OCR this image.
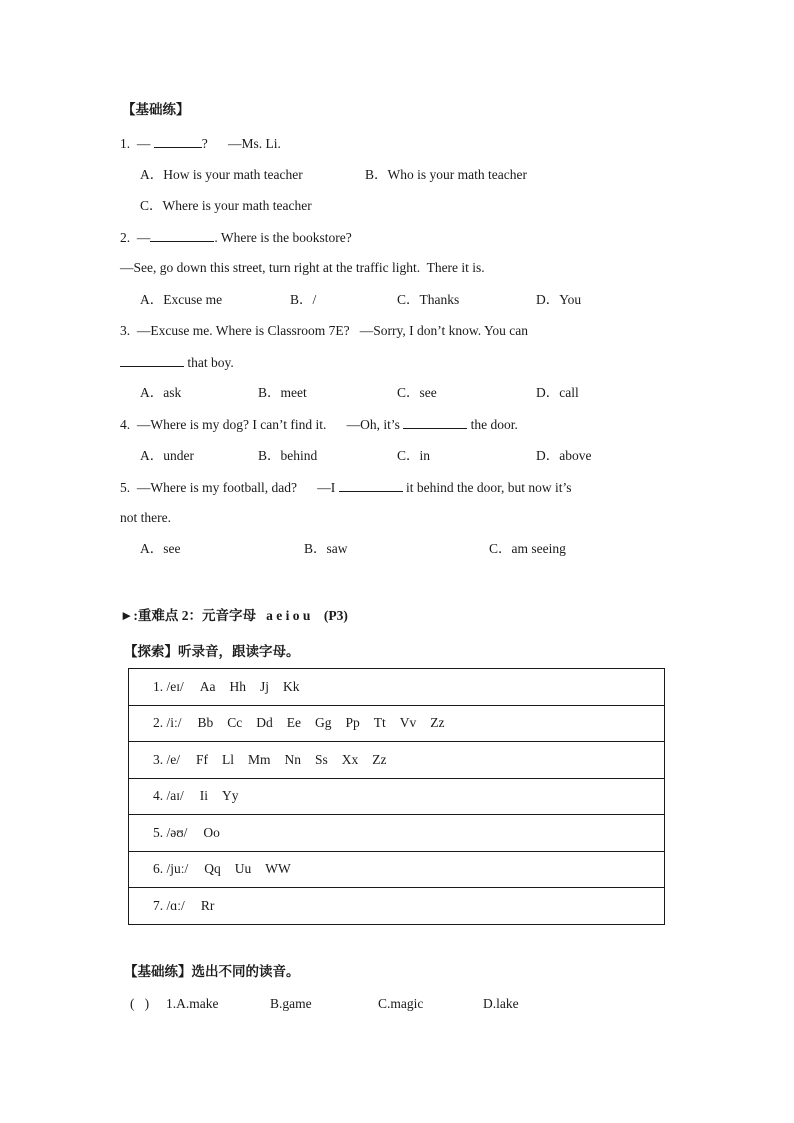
【基础练】
1. —	? —Ms. Li.
A．How is your math teacher	B．Who is your math teacher
C．Where is your math teacher
2. —	. Where is the bookstore?
—See, go down this street, turn right at the traffic light.  There it is.
A．Excuse me	B．/	C．Thanks	D．You
3.  —Excuse me. Where is Classroom 7E?   —Sorry, I don’t know. You can
that boy.
A．ask	B．meet	C．see	D．call
4.  —Where is my dog? I can’t find it.      —Oh, it’s	the door.
A．under	B．behind	C．in	D．above
5.  —Where is my football, dad?      —I	it behind the door, but now it’s
not there.
A．see	B．saw	C．am seeing
►:重难点 2：元音字母   a e i o u    (P3)
【探索】听录音，跟读字母。
1. /eɪ/ Aa Hh Jj Kk
2. /iː/ Bb Cc Dd Ee Gg Pp Tt Vv Zz
3. /e/ Ff Ll Mm Nn Ss Xx Zz
4. /aɪ/ Ii Yy
5. /əʊ/ Oo
6. /juː/ Qq Uu WW
7. /ɑː/ Rr
【基础练】选出不同的读音。
(   ) 1.A.make	B.game	C.magic	D.lake
